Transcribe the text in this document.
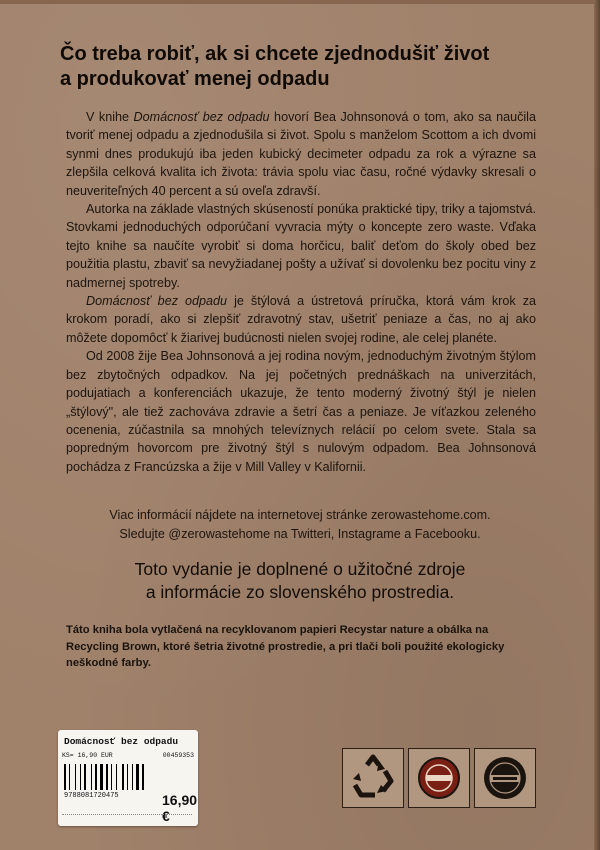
Čo treba robiť, ak si chcete zjednodušiť život
a produkovať menej odpadu

V knihe Domácnosť bez odpadu hovorí Bea Johnsonová o tom, ako sa naučila tvoriť menej odpadu a zjednodušila si život. Spolu s manželom Scottom a ich dvomi synmi dnes produkujú iba jeden kubický decimeter odpadu za rok a výrazne sa zlepšila celková kvalita ich života: trávia spolu viac času, ročné výdavky skresali o neuveriteľných 40 percent a sú oveľa zdravší.

Autorka na základe vlastných skúseností ponúka praktické tipy, triky a tajomstvá. Stovkami jednoduchých odporúčaní vyvracia mýty o koncepte zero waste. Vďaka tejto knihe sa naučíte vyrobiť si doma horčicu, baliť deťom do školy obed bez použitia plastu, zbaviť sa nevyžiadanej pošty a užívať si dovolenku bez pocitu viny z nadmernej spotreby.

Domácnosť bez odpadu je štýlová a ústretová príručka, ktorá vám krok za krokom poradí, ako si zlepšiť zdravotný stav, ušetriť peniaze a čas, no aj ako môžete dopomôcť k žiarivej budúcnosti nielen svojej rodine, ale celej planéte.

Od 2008 žije Bea Johnsonová a jej rodina novým, jednoduchým životným štýlom bez zbytočných odpadkov. Na jej početných prednáškach na univerzitách, podujatiach a konferenciách ukazuje, že tento moderný životný štýl je nielen „štýlový", ale tiež zachováva zdravie a šetrí čas a peniaze. Je víťazkou zeleného ocenenia, zúčastnila sa mnohých televíznych relácií po celom svete. Stala sa popredným hovorcom pre životný štýl s nulovým odpadom. Bea Johnsonová pochádza z Francúzska a žije v Mill Valley v Kalifornii.

Viac informácií nájdete na internetovej stránke zerowastehome.com.
Sledujte @zerowastehome na Twitteri, Instagrame a Facebooku.
Toto vydanie je doplnené o užitočné zdroje
a informácie zo slovenského prostredia.
Táto kniha bola vytlačená na recyklovanom papieri Recystar nature a obálka na
Recycling Brown, ktoré šetria životné prostredie, a pri tlači boli použité ekologicky
neškodné farby.
Domácnosť bez odpadu
KS= 16,90 EUR	00459353
9788081720475	16,90 €
